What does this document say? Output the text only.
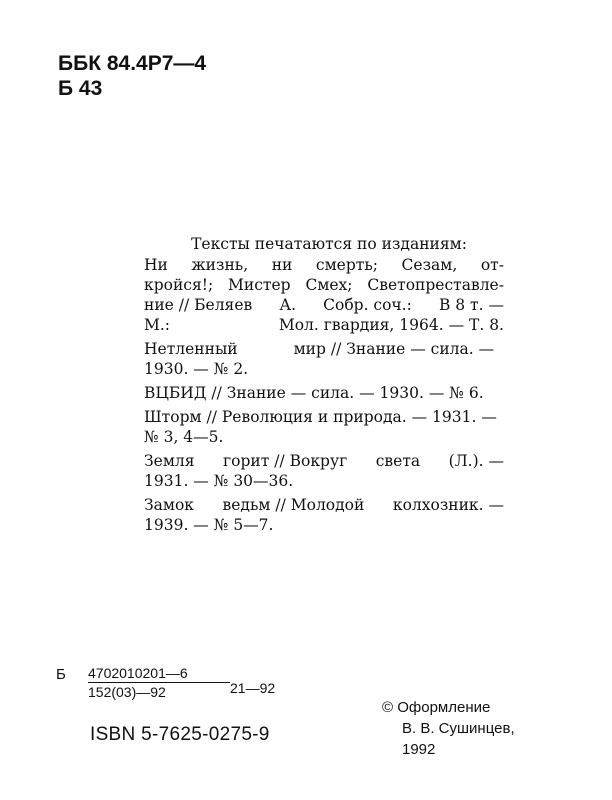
ББК 84.4Р7—4
Б 43
Тексты печатаются по изданиям:
Ни жизнь, ни смерть; Сезам, от-
кройся!; Мистер Смех; Светопреставле-
ние // Беляев А. Собр. соч.: В 8 т. —
М.:	Мол. гвардия, 1964. — Т. 8.
Нетленный	мир // Знание — сила. —
1930. — № 2.
ВЦБИД // Знание — сила. — 1930. — № 6.
Шторм // Революция и природа. — 1931. —
№ 3, 4—5.
Земля горит // Вокруг света (Л.). —
1931. — № 30—36.
Замок ведьм // Молодой колхозник. —
1939. — № 5—7.
Б 4702010201—6
152(03)—92	21—92
ISBN 5-7625-0275-9
© Оформление
В. В. Сушинцев,
1992
